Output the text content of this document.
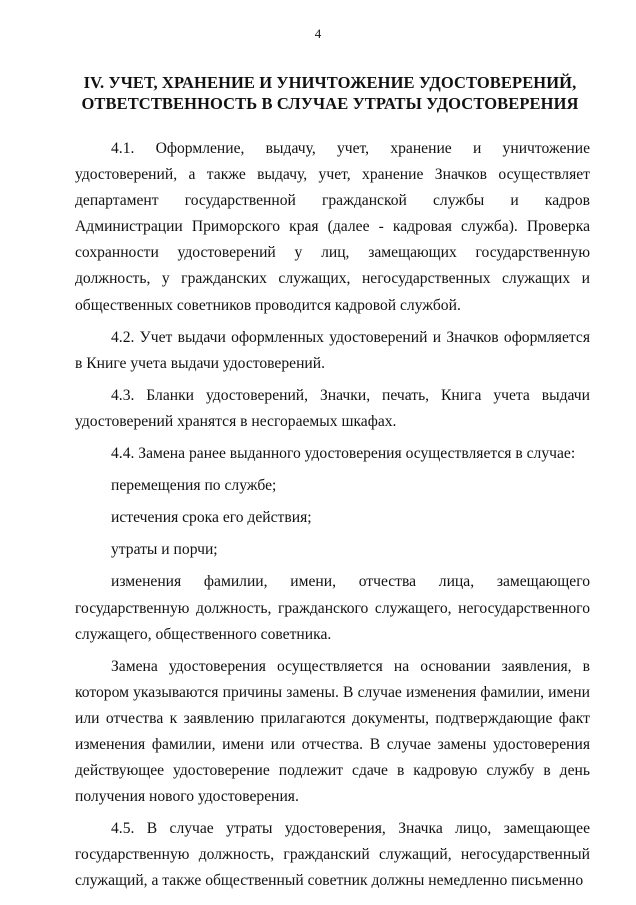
4
IV. УЧЕТ, ХРАНЕНИЕ И УНИЧТОЖЕНИЕ УДОСТОВЕРЕНИЙ,
ОТВЕТСТВЕННОСТЬ В СЛУЧАЕ УТРАТЫ УДОСТОВЕРЕНИЯ

4.1. Оформление, выдачу, учет, хранение и уничтожение удостоверений, а также выдачу, учет, хранение Значков осуществляет департамент государственной гражданской службы и кадров Администрации Приморского края (далее - кадровая служба). Проверка сохранности удостоверений у лиц, замещающих государственную должность, у гражданских служащих, негосударственных служащих и общественных советников проводится кадровой службой.

4.2. Учет выдачи оформленных удостоверений и Значков оформляется в Книге учета выдачи удостоверений.

4.3. Бланки удостоверений, Значки, печать, Книга учета выдачи удостоверений хранятся в несгораемых шкафах.

4.4. Замена ранее выданного удостоверения осуществляется в случае:

перемещения по службе;

истечения срока его действия;

утраты и порчи;

изменения фамилии, имени, отчества лица, замещающего государственную должность, гражданского служащего, негосударственного служащего, общественного советника.

Замена удостоверения осуществляется на основании заявления, в котором указываются причины замены. В случае изменения фамилии, имени или отчества к заявлению прилагаются документы, подтверждающие факт изменения фамилии, имени или отчества. В случае замены удостоверения действующее удостоверение подлежит сдаче в кадровую службу в день получения нового удостоверения.

4.5. В случае утраты удостоверения, Значка лицо, замещающее государственную должность, гражданский служащий, негосударственный служащий, а также общественный советник должны немедленно письменно
